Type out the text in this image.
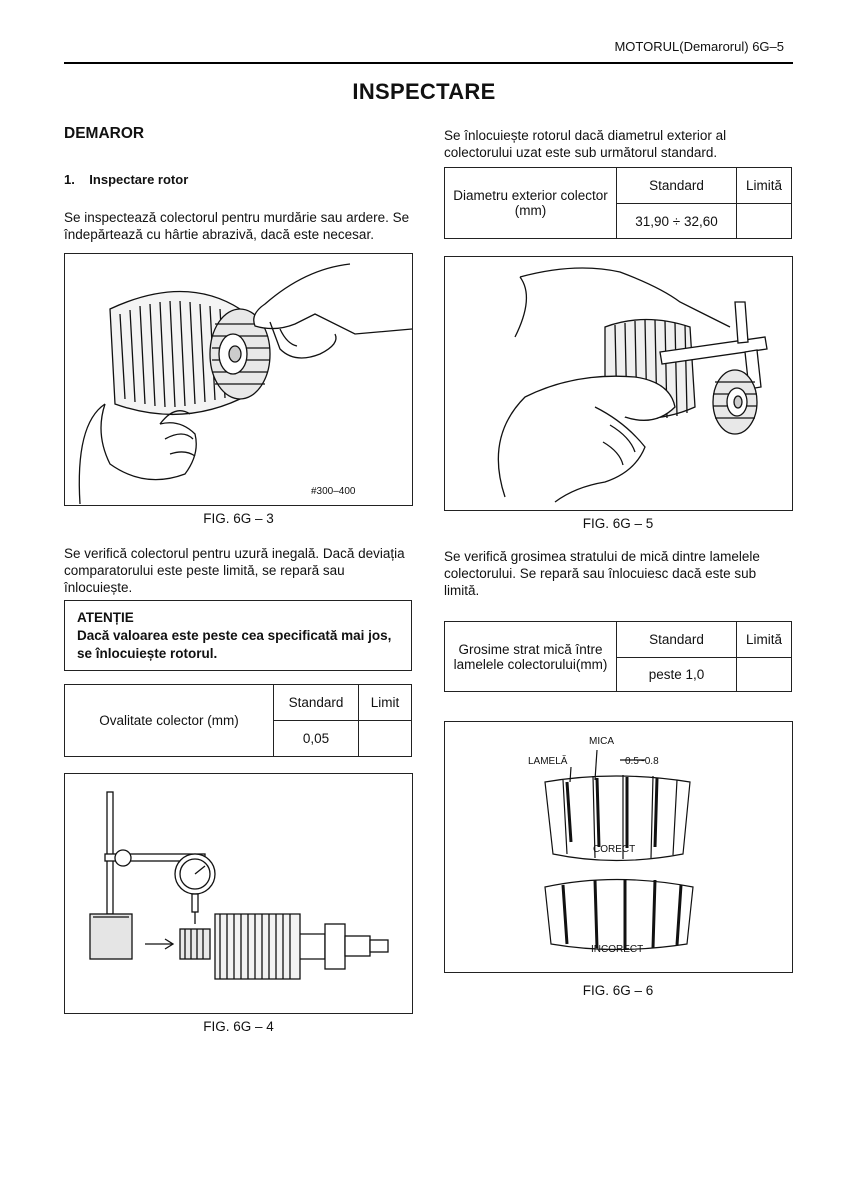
MOTORUL(Demarorul) 6G–5
INSPECTARE
DEMAROR
1.    Inspectare rotor
Se inspectează colectorul pentru murdărie sau ardere. Se îndepărtează cu hârtie abrazivă, dacă este necesar.
#300–400
FIG. 6G – 3
Se verifică colectorul pentru uzură inegală. Dacă deviația comparatorului este peste limită, se repară sau înlocuiește.
ATENȚIE
Dacă valoarea este peste cea specificată mai jos, se înlocuiește rotorul.
Ovalitate colector (mm)	Standard	Limit
	0,05	
FIG. 6G – 4
Se înlocuiește rotorul dacă diametrul exterior al colectorului uzat este sub următorul standard.
Diametru exterior colector (mm)	Standard	Limită
	31,90 ÷ 32,60	
FIG. 6G – 5
Se verifică grosimea stratului de mică dintre lamelele colectorului. Se repară sau înlocuiesc dacă este sub limită.
Grosime strat mică între lamelele colectorului(mm)	Standard	Limită
	peste 1,0	
MICA
LAMELĂ	0.5~0.8
CORECT
INCORECT
FIG. 6G – 6
